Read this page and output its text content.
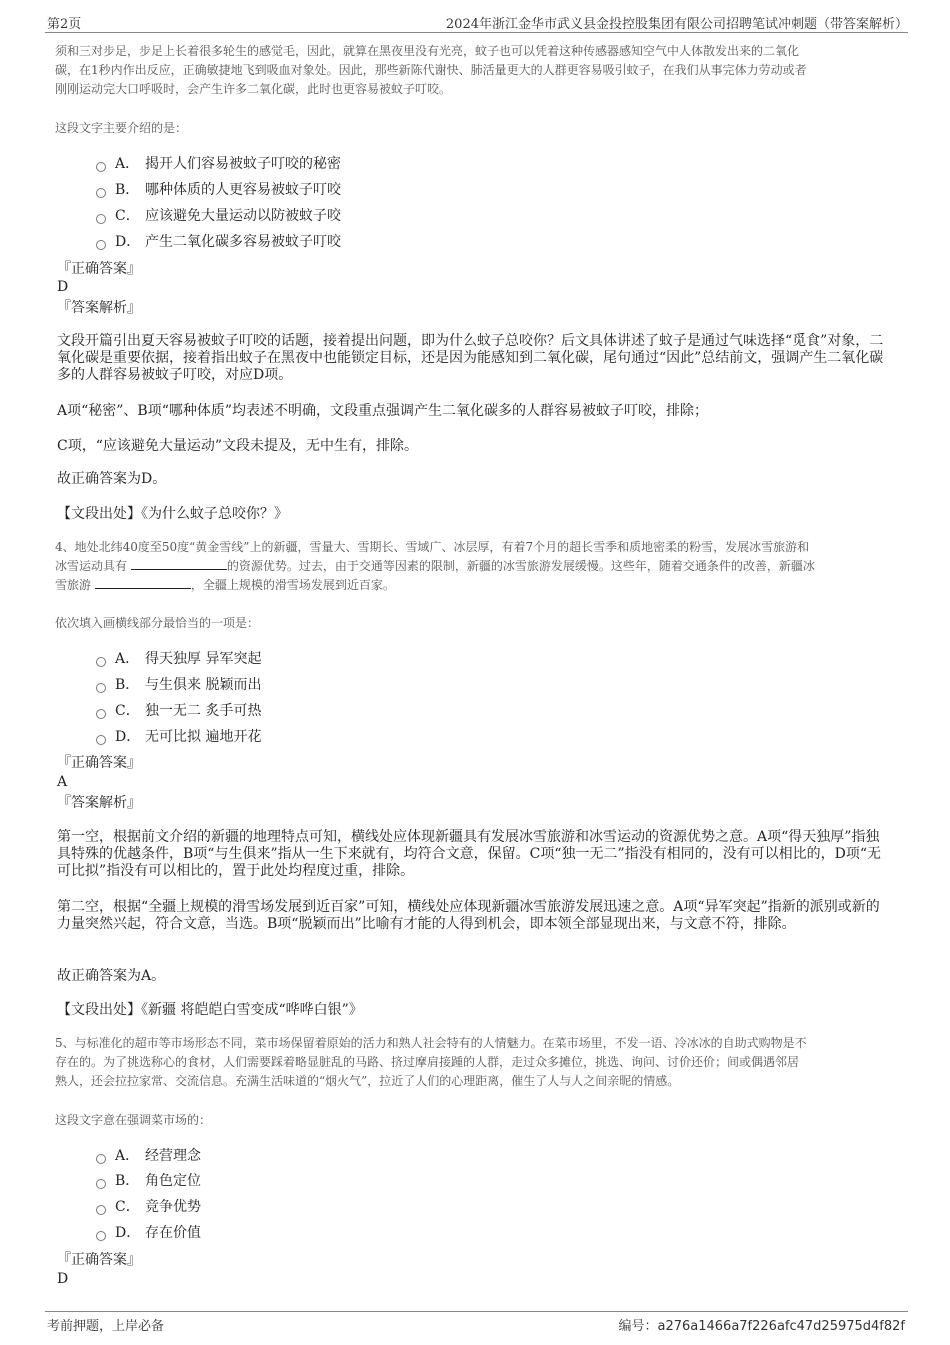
第2页	2024年浙江金华市武义县金投控股集团有限公司招聘笔试冲刺题（带答案解析）
须和三对步足，步足上长着很多轮生的感觉毛，因此，就算在黑夜里没有光亮，蚊子也可以凭着这种传感器感知空气中人体散发出来的二氧化
碳，在1秒内作出反应，正确敏捷地飞到吸血对象处。因此，那些新陈代谢快、肺活量更大的人群更容易吸引蚊子，在我们从事完体力劳动或者
刚刚运动完大口呼吸时，会产生许多二氧化碳，此时也更容易被蚊子叮咬。
这段文字主要介绍的是：
A． 揭开人们容易被蚊子叮咬的秘密
B． 哪种体质的人更容易被蚊子叮咬
C． 应该避免大量运动以防被蚊子咬
D． 产生二氧化碳多容易被蚊子叮咬
『正确答案』
D
『答案解析』
文段开篇引出夏天容易被蚊子叮咬的话题，接着提出问题，即为什么蚊子总咬你？后文具体讲述了蚊子是通过气味选择“觅食”对象，二氧化碳是重要依据，接着指出蚊子在黑夜中也能锁定目标，还是因为能感知到二氧化碳，尾句通过“因此”总结前文，强调产生二氧化碳多的人群容易被蚊子叮咬，对应D项。
A项“秘密”、B项“哪种体质”均表述不明确，文段重点强调产生二氧化碳多的人群容易被蚊子叮咬，排除；
C项，“应该避免大量运动”文段未提及，无中生有，排除。
故正确答案为D。
【文段出处】《为什么蚊子总咬你？》
4、地处北纬40度至50度“黄金雪线”上的新疆，雪量大、雪期长、雪域广、冰层厚，有着7个月的超长雪季和质地密柔的粉雪，发展冰雪旅游和
冰雪运动具有	的资源优势。过去，由于交通等因素的限制，新疆的冰雪旅游发展缓慢。这些年，随着交通条件的改善，新疆冰
雪旅游	，全疆上规模的滑雪场发展到近百家。
依次填入画横线部分最恰当的一项是：
A． 得天独厚 异军突起
B． 与生俱来 脱颖而出
C． 独一无二 炙手可热
D． 无可比拟 遍地开花
『正确答案』
A
『答案解析』
第一空，根据前文介绍的新疆的地理特点可知，横线处应体现新疆具有发展冰雪旅游和冰雪运动的资源优势之意。A项“得天独厚”指独具特殊的优越条件，B项“与生俱来”指从一生下来就有，均符合文意，保留。C项“独一无二”指没有相同的，没有可以相比的，D项“无可比拟”指没有可以相比的，置于此处均程度过重，排除。
第二空，根据“全疆上规模的滑雪场发展到近百家”可知，横线处应体现新疆冰雪旅游发展迅速之意。A项“异军突起”指新的派别或新的力量突然兴起，符合文意，当选。B项“脱颖而出”比喻有才能的人得到机会，即本领全部显现出来，与文意不符，排除。
故正确答案为A。
【文段出处】《新疆 将皑皑白雪变成“哗哗白银”》
5、与标准化的超市等市场形态不同，菜市场保留着原始的活力和熟人社会特有的人情魅力。在菜市场里，不发一语、冷冰冰的自助式购物是不
存在的。为了挑选称心的食材，人们需要踩着略显脏乱的马路、挤过摩肩接踵的人群，走过众多摊位，挑选、询问、讨价还价；间或偶遇邻居
熟人，还会拉拉家常、交流信息。充满生活味道的“烟火气”，拉近了人们的心理距离，催生了人与人之间亲昵的情感。
这段文字意在强调菜市场的：
A． 经营理念
B． 角色定位
C． 竞争优势
D． 存在价值
『正确答案』
D
考前押题，上岸必备	编号：a276a1466a7f226afc47d25975d4f82f
